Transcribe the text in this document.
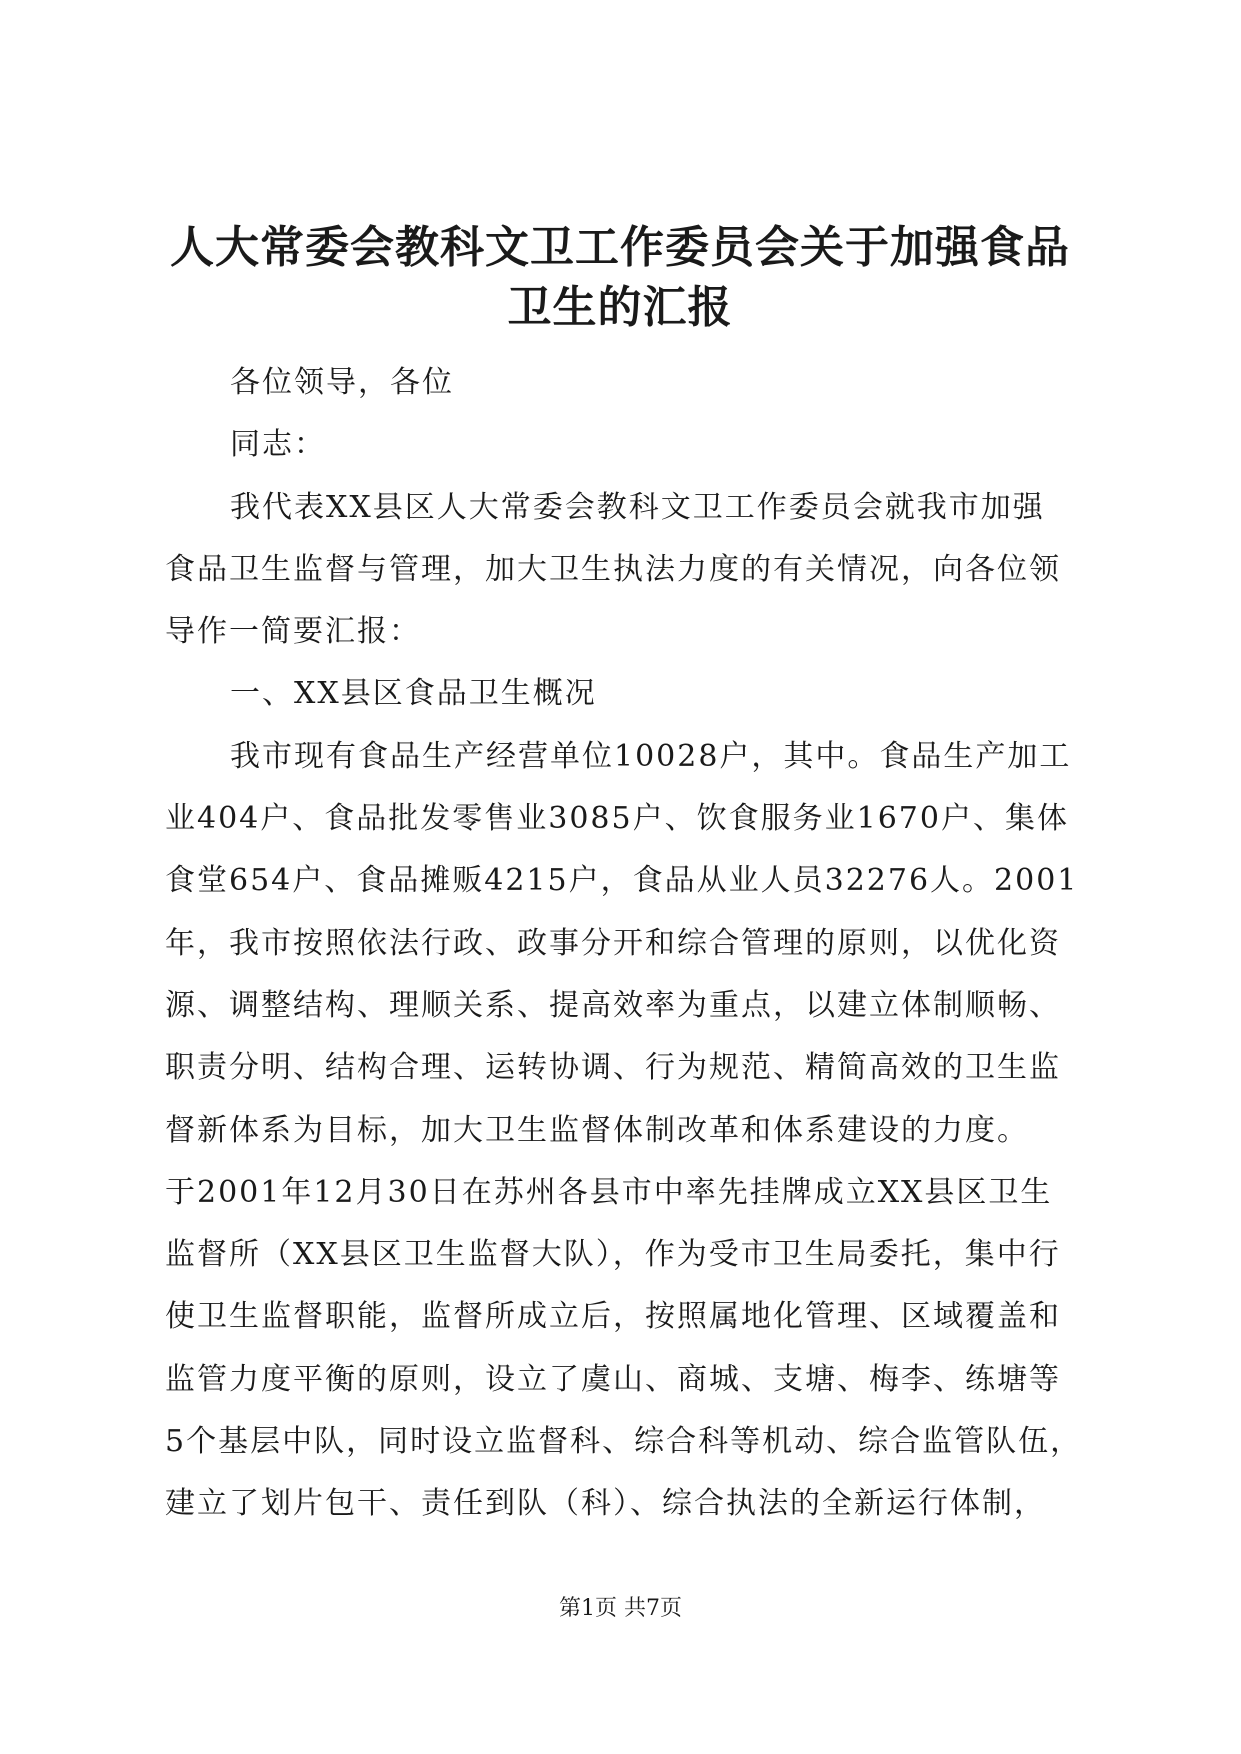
人大常委会教科文卫工作委员会关于加强食品
卫生的汇报
各位领导，各位
同志：
我代表XX县区人大常委会教科文卫工作委员会就我市加强
食品卫生监督与管理，加大卫生执法力度的有关情况，向各位领
导作一简要汇报：
一、XX县区食品卫生概况
我市现有食品生产经营单位10028户，其中。食品生产加工
业404户、食品批发零售业3085户、饮食服务业1670户、集体
食堂654户、食品摊贩4215户，食品从业人员32276人。2001
年，我市按照依法行政、政事分开和综合管理的原则，以优化资
源、调整结构、理顺关系、提高效率为重点，以建立体制顺畅、
职责分明、结构合理、运转协调、行为规范、精简高效的卫生监
督新体系为目标，加大卫生监督体制改革和体系建设的力度。
于2001年12月30日在苏州各县市中率先挂牌成立XX县区卫生
监督所（XX县区卫生监督大队），作为受市卫生局委托，集中行
使卫生监督职能，监督所成立后，按照属地化管理、区域覆盖和
监管力度平衡的原则，设立了虞山、商城、支塘、梅李、练塘等
5个基层中队，同时设立监督科、综合科等机动、综合监管队伍，
建立了划片包干、责任到队（科）、综合执法的全新运行体制，
第1页 共7页
